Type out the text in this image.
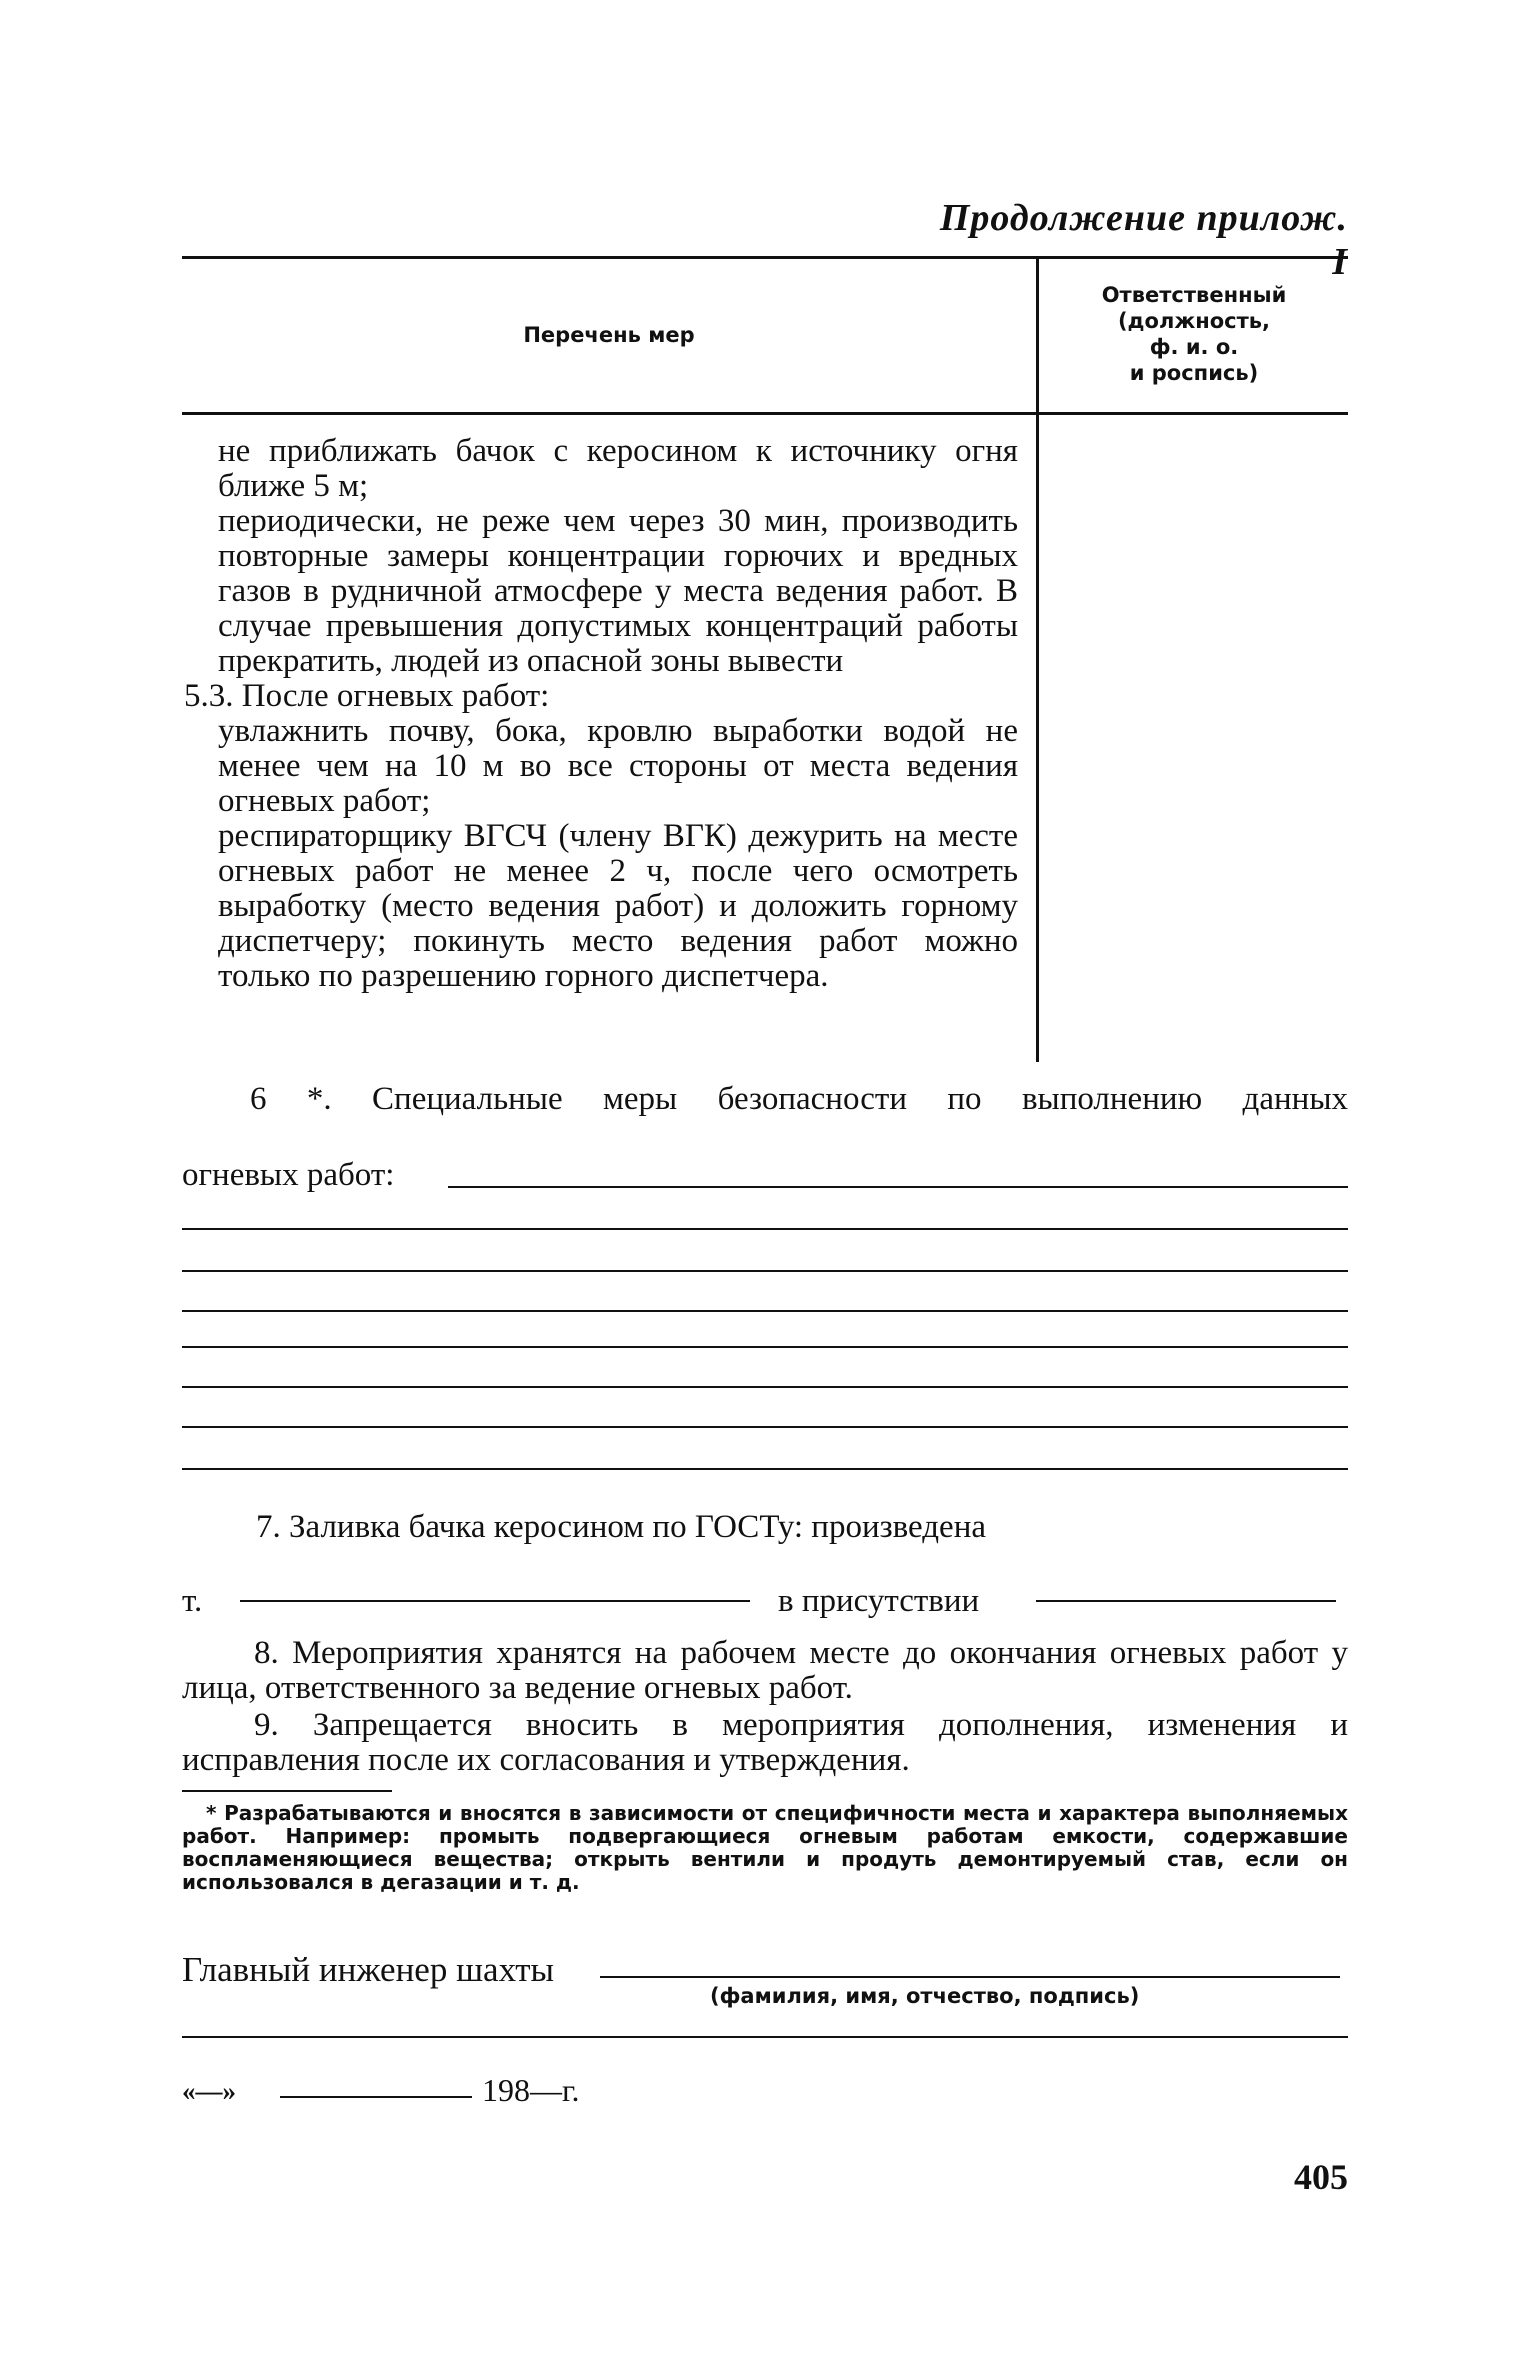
Продолжение прилож. I
Перечень мер
Ответственный
(должность,
ф. и. о.
и роспись)

не приближать бачок с керосином к источнику огня ближе 5 м;

периодически, не реже чем через 30 мин, производить повторные замеры концентрации горючих и вредных газов в рудничной атмосфере у места ведения работ. В случае превышения допустимых концентраций работы прекратить, людей из опасной зоны вывести

5.3. После огневых работ:

увлажнить почву, бока, кровлю выработки водой не менее чем на 10 м во все стороны от места ведения огневых работ;

респираторщику ВГСЧ (члену ВГК) дежурить на месте огневых работ не менее 2 ч, после чего осмотреть выработку (место ведения работ) и доложить горному диспетчеру; покинуть место ведения работ можно только по разрешению горного диспетчера.

6 *. Специальные меры безопасности по выполнению данных
огневых работ:
7. Заливка бачка керосином по ГОСТу: произведена
т.	в присутствии
8. Мероприятия хранятся на рабочем месте до окончания огневых работ у лица, ответственного за ведение огневых работ.
9. Запрещается вносить в мероприятия дополнения, изменения и исправления после их согласования и утверждения.
* Разрабатываются и вносятся в зависимости от специфичности места и характера выполняемых работ. Например: промыть подвергающиеся огневым работам емкости, содержавшие воспламеняющиеся вещества; открыть вентили и продуть демонтируемый став, если он использовался в дегазации и т. д.
Главный инженер шахты
(фамилия, имя, отчество, подпись)
«—»	198—г.
405
